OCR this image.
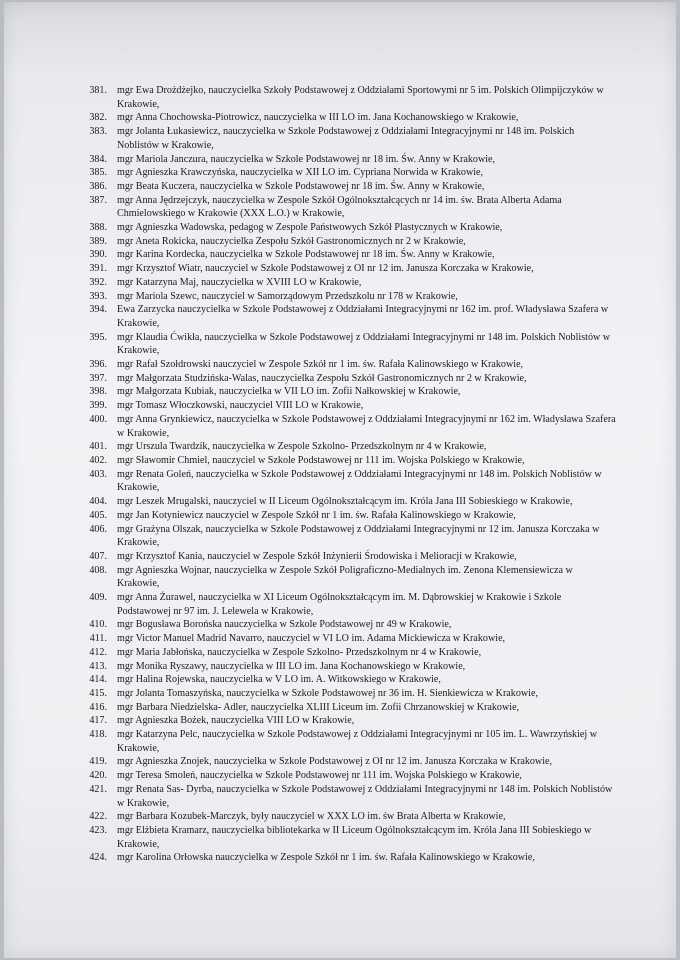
381. mgr Ewa Drożdżejko, nauczycielka Szkoły Podstawowej z Oddziałami Sportowymi nr 5 im. Polskich Olimpijczyków w Krakowie,
382. mgr Anna Chochowska-Piotrowicz, nauczycielka w III LO im. Jana Kochanowskiego w Krakowie,
383. mgr Jolanta Łukasiewicz, nauczycielka w Szkole Podstawowej z Oddziałami Integracyjnymi nr 148 im. Polskich Noblistów w Krakowie,
384. mgr Mariola Janczura, nauczycielka w Szkole Podstawowej nr 18 im. Św. Anny w Krakowie,
385. mgr Agnieszka Krawczyńska, nauczycielka w XII LO im. Cypriana Norwida w Krakowie,
386. mgr Beata Kuczera, nauczycielka w Szkole Podstawowej nr 18 im. Św. Anny w Krakowie,
387. mgr Anna Jędrzejczyk, nauczycielka w Zespole Szkół Ogólnokształcących nr 14 im. św. Brata Alberta Adama Chmielowskiego w Krakowie (XXX L.O.) w Krakowie,
388. mgr Agnieszka Wadowska, pedagog w Zespole Państwowych Szkół Plastycznych w Krakowie,
389. mgr Aneta Rokicka, nauczycielka Zespołu Szkół Gastronomicznych nr 2 w Krakowie,
390. mgr Karina Kordecka, nauczycielka w Szkole Podstawowej nr 18 im. Św. Anny w Krakowie,
391. mgr Krzysztof Wiatr, nauczyciel w Szkole Podstawowej z OI nr 12 im. Janusza Korczaka w Krakowie,
392. mgr Katarzyna Maj, nauczycielka w XVIII LO w Krakowie,
393. mgr Mariola Szewc, nauczyciel w Samorządowym Przedszkolu nr 178 w Krakowie,
394. Ewa Zarzycka nauczycielka w Szkole Podstawowej z Oddziałami Integracyjnymi nr 162 im. prof. Władysława Szafera w Krakowie,
395. mgr Klaudia Ćwikła, nauczycielka w Szkole Podstawowej z Oddziałami Integracyjnymi nr 148 im. Polskich Noblistów w Krakowie,
396. mgr Rafał Szołdrowski nauczyciel w Zespole Szkół nr 1 im. św. Rafała Kalinowskiego w Krakowie,
397. mgr Małgorzata Studzińska-Walas, nauczycielka Zespołu Szkół Gastronomicznych nr 2 w Krakowie,
398. mgr Małgorzata Kubiak, nauczycielka w VII LO im. Zofii Nałkowskiej w Krakowie,
399. mgr Tomasz Włoczkowski, nauczyciel VIII LO w Krakowie,
400. mgr Anna Grynkiewicz, nauczycielka w Szkole Podstawowej z Oddziałami Integracyjnymi nr 162 im. Władysława Szafera w Krakowie,
401. mgr Urszula Twardzik, nauczycielka w Zespole Szkolno- Przedszkolnym nr 4 w Krakowie,
402. mgr Sławomir Chmiel, nauczyciel w Szkole Podstawowej nr 111 im. Wojska Polskiego w Krakowie,
403. mgr Renata Goleń, nauczycielka w Szkole Podstawowej z Oddziałami Integracyjnymi nr 148 im. Polskich Noblistów w Krakowie,
404. mgr Leszek Mrugalski, nauczyciel w II Liceum Ogólnokształcącym im. Króla Jana III Sobieskiego w Krakowie,
405. mgr Jan Kotyniewicz nauczyciel w Zespole Szkół nr 1 im. św. Rafała Kalinowskiego w Krakowie,
406. mgr Grażyna Olszak, nauczycielka w Szkole Podstawowej z Oddziałami Integracyjnymi nr 12 im. Janusza Korczaka w Krakowie,
407. mgr Krzysztof Kania, nauczyciel w Zespole Szkół Inżynierii Środowiska i Melioracji w Krakowie,
408. mgr Agnieszka Wojnar, nauczycielka w Zespole Szkół Poligraficzno-Medialnych im. Zenona Klemensiewicza w Krakowie,
409. mgr Anna Żurawel, nauczycielka w XI Liceum Ogólnokształcącym im. M. Dąbrowskiej w Krakowie i Szkole Podstawowej nr 97 im. J. Lelewela w Krakowie,
410. mgr Bogusława Borońska nauczycielka w Szkole Podstawowej nr 49 w Krakowie,
411. mgr Victor Manuel Madrid Navarro, nauczyciel w VI LO im. Adama Mickiewicza w Krakowie,
412. mgr Maria Jabłońska, nauczycielka w Zespole Szkolno- Przedszkolnym nr 4 w Krakowie,
413. mgr Monika Ryszawy, nauczycielka w III LO im. Jana Kochanowskiego w Krakowie,
414. mgr Halina Rojewska, nauczycielka w V LO im. A. Witkowskiego w Krakowie,
415. mgr Jolanta Tomaszyńska, nauczycielka w Szkole Podstawowej nr 36 im. H. Sienkiewicza w Krakowie,
416. mgr Barbara Niedzielska- Adler, nauczycielka XLIII Liceum im. Zofii Chrzanowskiej w Krakowie,
417. mgr Agnieszka Bożek, nauczycielka VIII LO w Krakowie,
418. mgr Katarzyna Pelc, nauczycielka w Szkole Podstawowej z Oddziałami Integracyjnymi nr 105 im. L. Wawrzyńskiej w Krakowie,
419. mgr Agnieszka Znojek, nauczycielka w Szkole Podstawowej z OI nr 12 im. Janusza Korczaka w Krakowie,
420. mgr Teresa Smoleń, nauczycielka w Szkole Podstawowej nr 111 im. Wojska Polskiego w Krakowie,
421. mgr Renata Sas- Dyrba, nauczycielka w Szkole Podstawowej z Oddziałami Integracyjnymi nr 148 im. Polskich Noblistów w Krakowie,
422. mgr Barbara Kozubek-Marczyk, były nauczyciel w XXX LO im. św Brata Alberta w Krakowie,
423. mgr Elżbieta Kramarz, nauczycielka bibliotekarka w II Liceum Ogólnokształcącym im. Króla Jana III Sobieskiego w Krakowie,
424. mgr Karolina Orłowska nauczycielka w Zespole Szkół nr 1 im. św. Rafała Kalinowskiego w Krakowie,
